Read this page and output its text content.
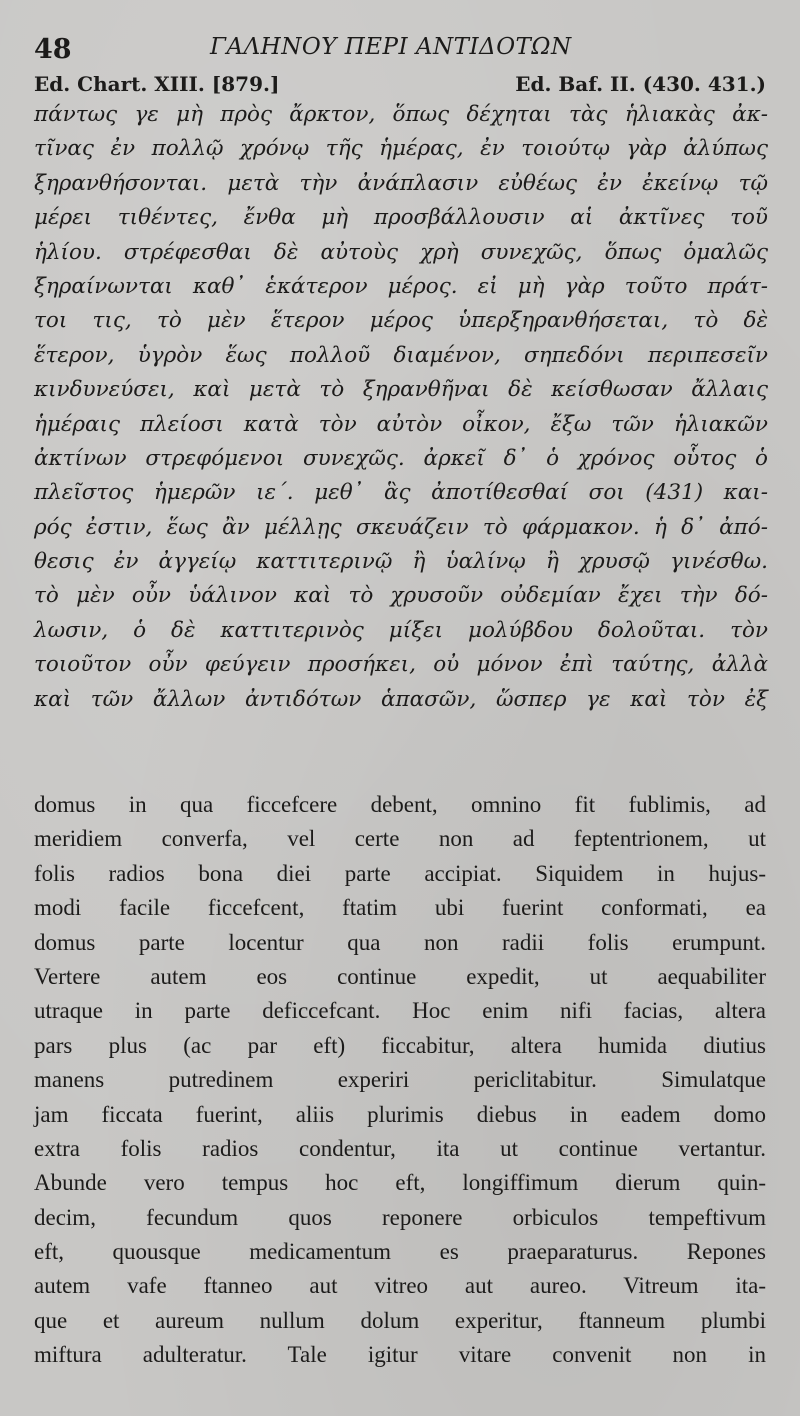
48	ΓΑΛΗΝΟΥ ΠΕΡΙ ΑΝΤΙΔΟΤΩΝ
Ed. Chart. XIII. [879.]	Ed. Baf. II. (430. 431.)
πάντως γε μὴ πρὸς ἄρκτον, ὅπως δέχηται τὰς ἡλιακὰς ἀκ-
τῖνας ἐν πολλῷ χρόνῳ τῆς ἡμέρας, ἐν τοιούτῳ γὰρ ἀλύπως
ξηρανθήσονται. μετὰ τὴν ἀνάπλασιν εὐθέως ἐν ἐκείνῳ τῷ
μέρει τιθέντες, ἔνθα μὴ προσβάλλουσιν αἱ ἀκτῖνες τοῦ
ἡλίου. στρέφεσθαι δὲ αὐτοὺς χρὴ συνεχῶς, ὅπως ὁμαλῶς
ξηραίνωνται καθ᾽ ἑκάτερον μέρος. εἰ μὴ γὰρ τοῦτο πράτ-
τοι τις, τὸ μὲν ἕτερον μέρος ὑπερξηρανθήσεται, τὸ δὲ
ἕτερον, ὑγρὸν ἕως πολλοῦ διαμένον, σηπεδόνι περιπεσεῖν
κινδυνεύσει, καὶ μετὰ τὸ ξηρανθῆναι δὲ κείσθωσαν ἄλλαις
ἡμέραις πλείοσι κατὰ τὸν αὐτὸν οἶκον, ἔξω τῶν ἡλιακῶν
ἀκτίνων στρεφόμενοι συνεχῶς. ἀρκεῖ δ᾽ ὁ χρόνος οὗτος ὁ
πλεῖστος ἡμερῶν ιε΄. μεθ᾽ ἃς ἀποτίθεσθαί σοι (431) και-
ρός ἐστιν, ἕως ἂν μέλλῃς σκευάζειν τὸ φάρμακον. ἡ δ᾽ ἀπό-
θεσις ἐν ἀγγείῳ καττιτερινῷ ἢ ὑαλίνῳ ἢ χρυσῷ γινέσθω.
τὸ μὲν οὖν ὑάλινον καὶ τὸ χρυσοῦν οὐδεμίαν ἔχει τὴν δό-
λωσιν, ὁ δὲ καττιτερινὸς μίξει μολύβδου δολοῦται. τὸν
τοιοῦτον οὖν φεύγειν προσήκει, οὐ μόνον ἐπὶ ταύτης, ἀλλὰ
καὶ τῶν ἄλλων ἀντιδότων ἁπασῶν, ὥσπερ γε καὶ τὸν ἐξ
domus in qua ficcefcere debent, omnino fit fublimis, ad
meridiem converfa, vel certe non ad feptentrionem, ut
folis radios bona diei parte accipiat. Siquidem in hujus-
modi facile ficcefcent, ftatim ubi fuerint conformati, ea
domus parte locentur qua non radii folis erumpunt.
Vertere autem eos continue expedit, ut aequabiliter
utraque in parte deficcefcant. Hoc enim nifi facias, altera
pars plus (ac par eft) ficcabitur, altera humida diutius
manens putredinem experiri periclitabitur. Simulatque
jam ficcata fuerint, aliis plurimis diebus in eadem domo
extra folis radios condentur, ita ut continue vertantur.
Abunde vero tempus hoc eft, longiffimum dierum quin-
decim, fecundum quos reponere orbiculos tempeftivum
eft, quousque medicamentum es praeparaturus. Repones
autem vafe ftanneo aut vitreo aut aureo. Vitreum ita-
que et aureum nullum dolum experitur, ftanneum plumbi
miftura adulteratur. Tale igitur vitare convenit non in
